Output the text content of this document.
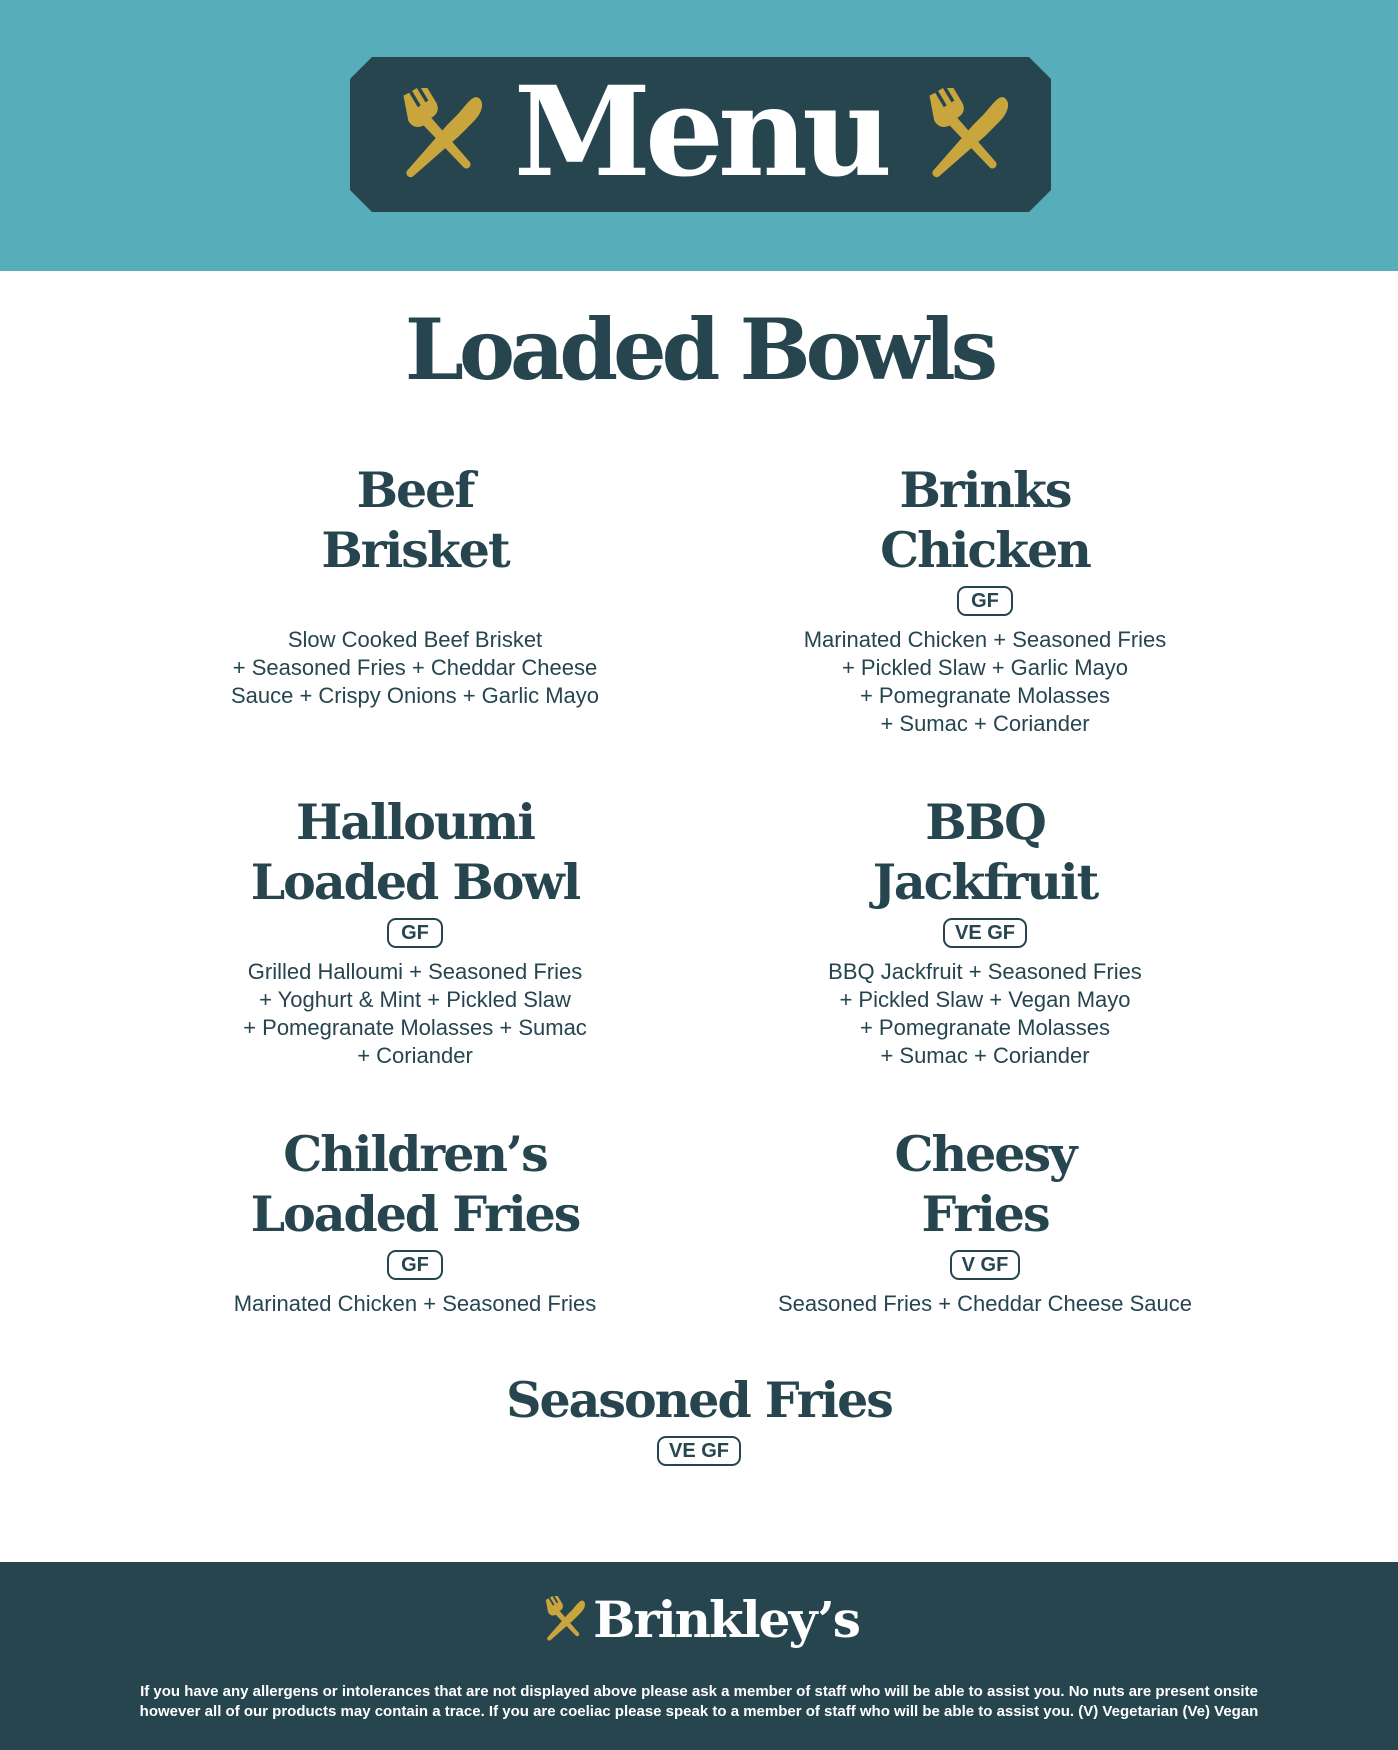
Menu
Loaded Bowls
Beef
Brisket
Slow Cooked Beef Brisket
+ Seasoned Fries + Cheddar Cheese
Sauce + Crispy Onions + Garlic Mayo
Brinks
Chicken
GF
Marinated Chicken + Seasoned Fries
+ Pickled Slaw + Garlic Mayo
+ Pomegranate Molasses
+ Sumac + Coriander
Halloumi
Loaded Bowl
GF
Grilled Halloumi + Seasoned Fries
+ Yoghurt & Mint + Pickled Slaw
+ Pomegranate Molasses + Sumac
+ Coriander
BBQ
Jackfruit
VE GF
BBQ Jackfruit + Seasoned Fries
+ Pickled Slaw + Vegan Mayo
+ Pomegranate Molasses
+ Sumac + Coriander
Children’s
Loaded Fries
GF
Marinated Chicken + Seasoned Fries
Cheesy
Fries
V GF
Seasoned Fries + Cheddar Cheese Sauce
Seasoned Fries
VE GF
Brinkley’s
If you have any allergens or intolerances that are not displayed above please ask a member of staff who will be able to assist you. No nuts are present onsite
however all of our products may contain a trace. If you are coeliac please speak to a member of staff who will be able to assist you. (V) Vegetarian (Ve) Vegan
